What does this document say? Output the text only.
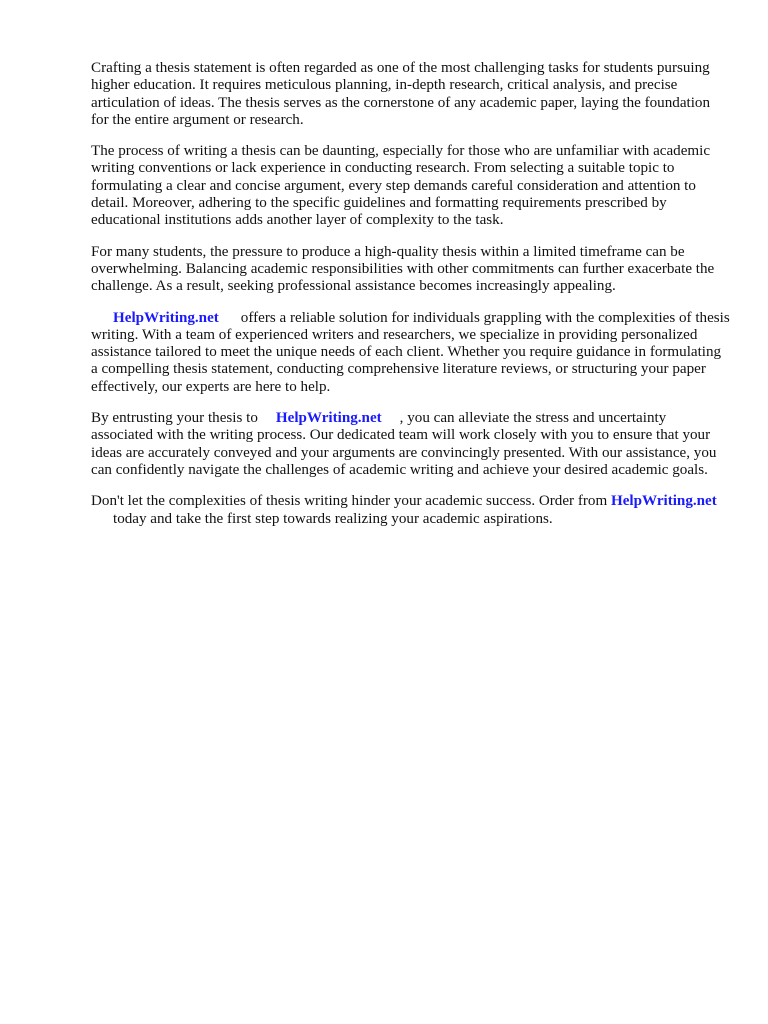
Crafting a thesis statement is often regarded as one of the most challenging tasks for students pursuing higher education. It requires meticulous planning, in-depth research, critical analysis, and precise articulation of ideas. The thesis serves as the cornerstone of any academic paper, laying the foundation for the entire argument or research.

The process of writing a thesis can be daunting, especially for those who are unfamiliar with academic writing conventions or lack experience in conducting research. From selecting a suitable topic to formulating a clear and concise argument, every step demands careful consideration and attention to detail. Moreover, adhering to the specific guidelines and formatting requirements prescribed by educational institutions adds another layer of complexity to the task.

For many students, the pressure to produce a high-quality thesis within a limited timeframe can be overwhelming. Balancing academic responsibilities with other commitments can further exacerbate the challenge. As a result, seeking professional assistance becomes increasingly appealing.

HelpWriting.net offers a reliable solution for individuals grappling with the complexities of thesis writing. With a team of experienced writers and researchers, we specialize in providing personalized assistance tailored to meet the unique needs of each client. Whether you require guidance in formulating a compelling thesis statement, conducting comprehensive literature reviews, or structuring your paper effectively, our experts are here to help.

By entrusting your thesis to HelpWriting.net , you can alleviate the stress and uncertainty associated with the writing process. Our dedicated team will work closely with you to ensure that your ideas are accurately conveyed and your arguments are convincingly presented. With our assistance, you can confidently navigate the challenges of academic writing and achieve your desired academic goals.

Don't let the complexities of thesis writing hinder your academic success. Order from HelpWriting.nettoday and take the first step towards realizing your academic aspirations.
